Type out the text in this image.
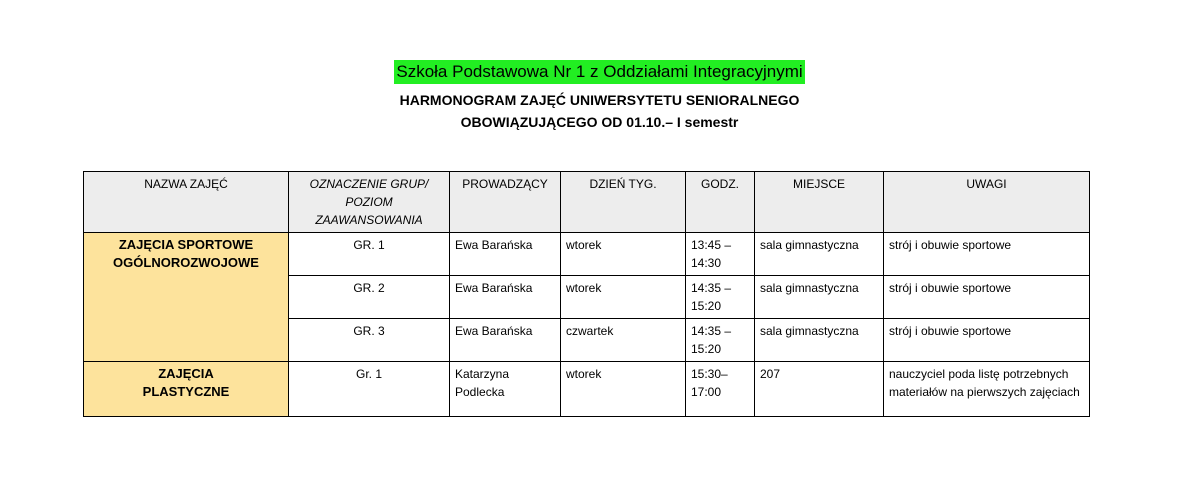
Szkoła Podstawowa Nr 1 z Oddziałami Integracyjnymi
HARMONOGRAM ZAJĘĆ UNIWERSYTETU SENIORALNEGO
OBOWIĄZUJĄCEGO OD 01.10.– I semestr
NAZWA ZAJĘĆ	OZNACZENIE GRUP/ POZIOM ZAAWANSOWANIA	PROWADZĄCY	DZIEŃ TYG.	GODZ.	MIEJSCE	UWAGI

ZAJĘCIA SPORTOWE OGÓLNOROZWOJOWE	GR. 1	Ewa Barańska	wtorek	13:45 – 14:30	sala gimnastyczna	strój i obuwie sportowe
	GR. 2	Ewa Barańska	wtorek	14:35 – 15:20	sala gimnastyczna	strój i obuwie sportowe
	GR. 3	Ewa Barańska	czwartek	14:35 – 15:20	sala gimnastyczna	strój i obuwie sportowe

ZAJĘCIA PLASTYCZNE	Gr. 1	Katarzyna Podlecka	wtorek	15:30– 17:00	207	nauczyciel poda listę potrzebnych materiałów na pierwszych zajęciach
